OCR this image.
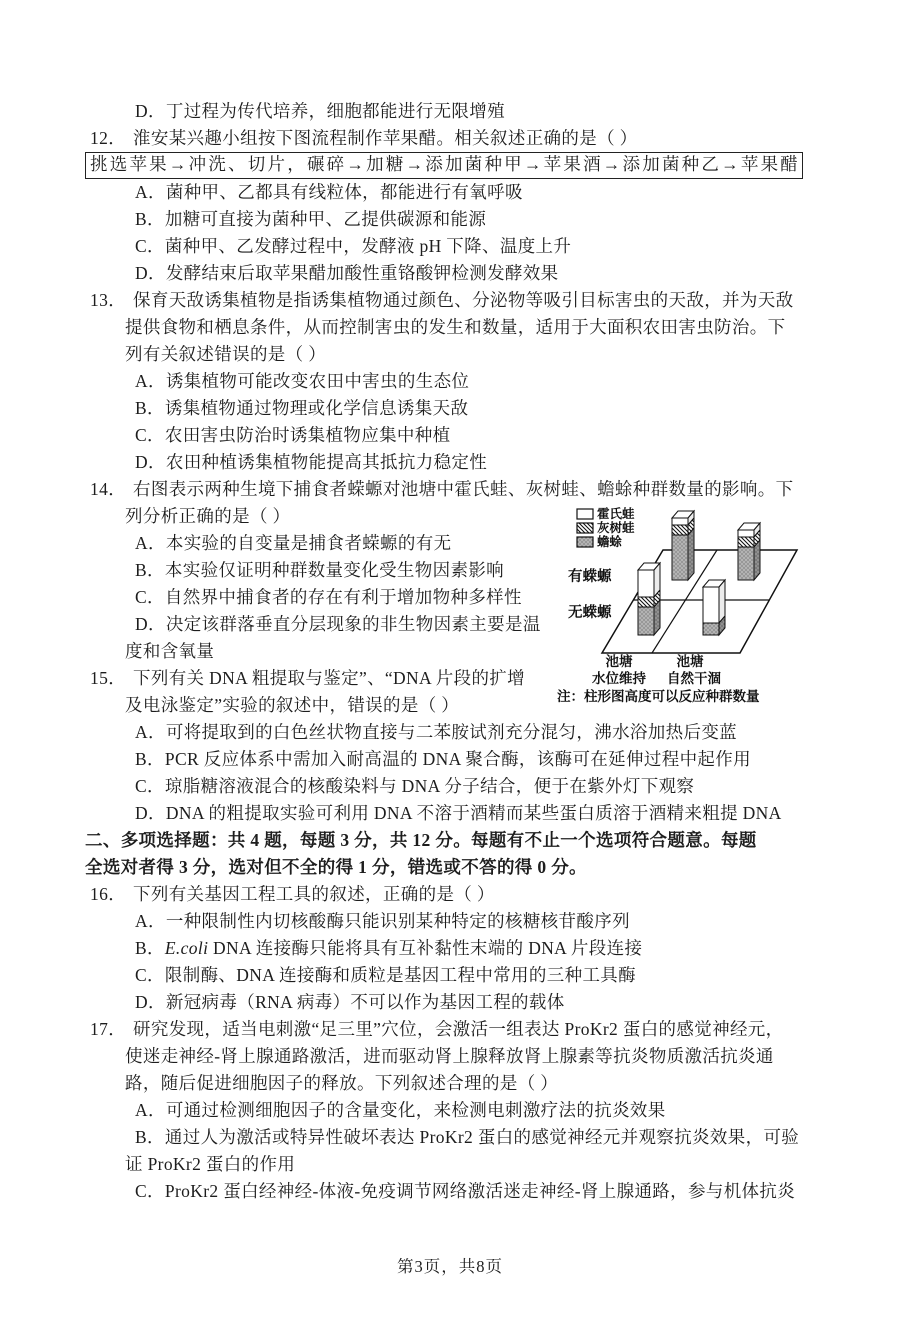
D．丁过程为传代培养，细胞都能进行无限增殖
12． 淮安某兴趣小组按下图流程制作苹果醋。相关叙述正确的是（ ）
挑选苹果→冲洗、切片，碾碎→加糖→添加菌种甲→苹果酒→添加菌种乙→苹果醋
A．菌种甲、乙都具有线粒体，都能进行有氧呼吸
B．加糖可直接为菌种甲、乙提供碳源和能源
C．菌种甲、乙发酵过程中，发酵液 pH 下降、温度上升
D．发酵结束后取苹果醋加酸性重铬酸钾检测发酵效果
13． 保育天敌诱集植物是指诱集植物通过颜色、分泌物等吸引目标害虫的天敌，并为天敌
提供食物和栖息条件，从而控制害虫的发生和数量，适用于大面积农田害虫防治。下
列有关叙述错误的是（ ）
A．诱集植物可能改变农田中害虫的生态位
B．诱集植物通过物理或化学信息诱集天敌
C．农田害虫防治时诱集植物应集中种植
D．农田种植诱集植物能提高其抵抗力稳定性
14． 右图表示两种生境下捕食者蝾螈对池塘中霍氏蛙、灰树蛙、蟾蜍种群数量的影响。下
列分析正确的是（ ）
A．本实验的自变量是捕食者蝾螈的有无
B．本实验仅证明种群数量变化受生物因素影响
C．自然界中捕食者的存在有利于增加物种多样性
D．决定该群落垂直分层现象的非生物因素主要是温
度和含氧量
15． 下列有关 DNA 粗提取与鉴定”、“DNA 片段的扩增
及电泳鉴定”实验的叙述中，错误的是（ ）
A．可将提取到的白色丝状物直接与二苯胺试剂充分混匀，沸水浴加热后变蓝
B．PCR 反应体系中需加入耐高温的 DNA 聚合酶，该酶可在延伸过程中起作用
C．琼脂糖溶液混合的核酸染料与 DNA 分子结合，便于在紫外灯下观察
D．DNA 的粗提取实验可利用 DNA 不溶于酒精而某些蛋白质溶于酒精来粗提 DNA
二、多项选择题：共 4 题，每题 3 分，共 12 分。每题有不止一个选项符合题意。每题
全选对者得 3 分，选对但不全的得 1 分，错选或不答的得 0 分。
16． 下列有关基因工程工具的叙述，正确的是（ ）
A．一种限制性内切核酸酶只能识别某种特定的核糖核苷酸序列
B．E.coli DNA 连接酶只能将具有互补黏性末端的 DNA 片段连接
C．限制酶、DNA 连接酶和质粒是基因工程中常用的三种工具酶
D．新冠病毒（RNA 病毒）不可以作为基因工程的载体
17． 研究发现，适当电刺激“足三里”穴位，会激活一组表达 ProKr2 蛋白的感觉神经元，
使迷走神经-肾上腺通路激活，进而驱动肾上腺释放肾上腺素等抗炎物质激活抗炎通
路，随后促进细胞因子的释放。下列叙述合理的是（ ）
A．可通过检测细胞因子的含量变化，来检测电刺激疗法的抗炎效果
B．通过人为激活或特异性破坏表达 ProKr2 蛋白的感觉神经元并观察抗炎效果，可验
证 ProKr2 蛋白的作用
C．ProKr2 蛋白经神经-体液-免疫调节网络激活迷走神经-肾上腺通路，参与机体抗炎
霍氏蛙
灰树蛙
蟾蜍
有蝾螈
无蝾螈
池塘	池塘
水位维持 自然干涸
注：柱形图高度可以反应种群数量
第3页，共8页
